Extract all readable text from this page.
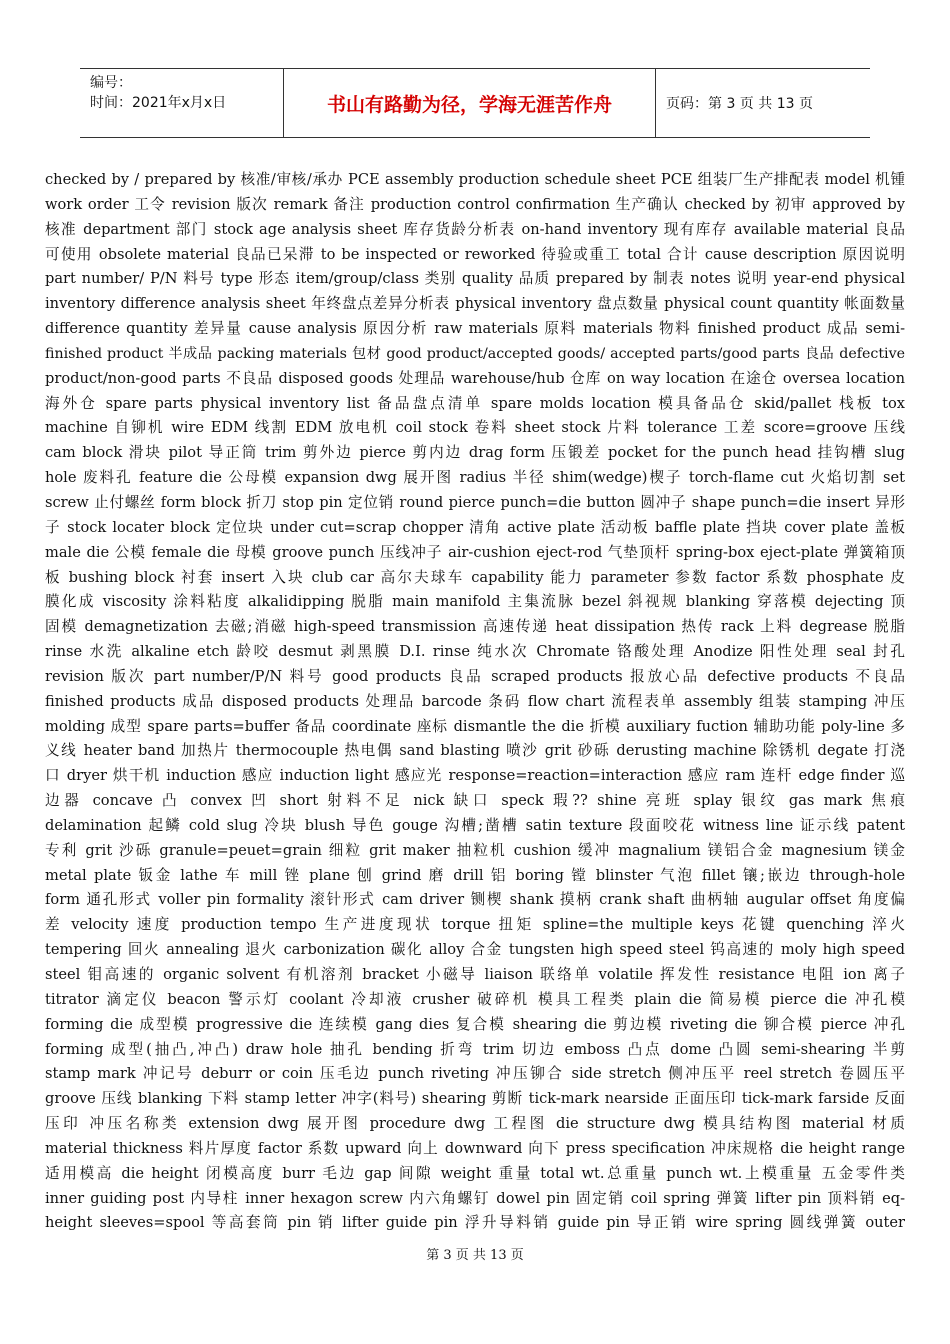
编号：
时间：2021年x月x日	书山有路勤为径，学海无涯苦作舟	页码：第 3 页 共 13 页
checked by / prepared by 核准/审核/承办 PCE assembly production schedule sheet PCE 组装厂生产排配表 model 机锺
work order 工令 revision 版次 remark 备注 production control confirmation 生产确认 checked by 初审 approved by
核准 department 部门 stock age analysis sheet 库存货龄分析表 on-hand inventory 现有库存 available material 良品
可使用 obsolete material 良品已呆滞 to be inspected or reworked 待验或重工 total 合计 cause description 原因说明
part number/ P/N 料号 type 形态 item/group/class 类别 quality 品质 prepared by 制表 notes 说明 year-end physical
inventory difference analysis sheet 年终盘点差异分析表 physical inventory 盘点数量 physical count quantity 帐面数量
difference quantity 差异量 cause analysis 原因分析 raw materials 原料 materials 物料 finished product 成品 semi-
finished product 半成品 packing materials 包材 good product/accepted goods/ accepted parts/good parts 良品 defective
product/non-good parts 不良品 disposed goods 处理品 warehouse/hub 仓库 on way location 在途仓 oversea location
海外仓 spare parts physical inventory list 备品盘点清单 spare molds location 模具备品仓 skid/pallet 栈板 tox
machine 自铆机 wire EDM 线割 EDM 放电机 coil stock 卷料 sheet stock 片料 tolerance 工差 score=groove 压线
cam block 滑块 pilot 导正筒 trim 剪外边 pierce 剪内边 drag form 压锻差 pocket for the punch head 挂钩槽 slug
hole 废料孔 feature die 公母模 expansion dwg 展开图 radius 半径 shim(wedge)楔子 torch-flame cut 火焰切割 set
screw 止付螺丝 form block 折刀 stop pin 定位销 round pierce punch=die button 圆冲子 shape punch=die insert 异形
子 stock locater block 定位块 under cut=scrap chopper 清角 active plate 活动板 baffle plate 挡块 cover plate 盖板
male die 公模 female die 母模 groove punch 压线冲子 air-cushion eject-rod 气垫顶杆 spring-box eject-plate 弹簧箱顶
板 bushing block 衬套 insert 入块 club car 高尔夫球车 capability 能力 parameter 参数 factor 系数 phosphate 皮
膜化成 viscosity 涂料粘度 alkalidipping 脱脂 main manifold 主集流脉 bezel 斜视规 blanking 穿落模 dejecting 顶
固模 demagnetization 去磁;消磁 high-speed transmission 高速传递 heat dissipation 热传 rack 上料 degrease 脱脂
rinse 水洗 alkaline etch 龄咬 desmut 剥黑膜 D.I. rinse 纯水次 Chromate 铬酸处理 Anodize 阳性处理 seal 封孔
revision 版次 part number/P/N 料号 good products 良品 scraped products 报放心品 defective products 不良品
finished products 成品 disposed products 处理品 barcode 条码 flow chart 流程表单 assembly 组装 stamping 冲压
molding 成型 spare parts=buffer 备品 coordinate 座标 dismantle the die 折模 auxiliary fuction 辅助功能 poly-line 多
义线 heater band 加热片 thermocouple 热电偶 sand blasting 喷沙 grit 砂砾 derusting machine 除锈机 degate 打浇
口 dryer 烘干机 induction 感应 induction light 感应光 response=reaction=interaction 感应 ram 连杆 edge finder 巡
边器 concave 凸 convex 凹 short 射料不足 nick 缺口 speck 瑕?? shine 亮班 splay 银纹 gas mark 焦痕
delamination 起鳞 cold slug 冷块 blush 导色 gouge 沟槽;凿槽 satin texture 段面咬花 witness line 证示线 patent
专利 grit 沙砾 granule=peuet=grain 细粒 grit maker 抽粒机 cushion 缓冲 magnalium 镁铝合金 magnesium 镁金
metal plate 钣金 lathe 车 mill 锉 plane 刨 grind 磨 drill 铝 boring 镗 blinster 气泡 fillet 镶;嵌边 through-hole
form 通孔形式 voller pin formality 滚针形式 cam driver 铡楔 shank 摸柄 crank shaft 曲柄轴 augular offset 角度偏
差 velocity 速度 production tempo 生产进度现状 torque 扭矩 spline=the multiple keys 花键 quenching 淬火
tempering 回火 annealing 退火 carbonization 碳化 alloy 合金 tungsten high speed steel 钨高速的 moly high speed
steel 钼高速的 organic solvent 有机溶剂 bracket 小磁导 liaison 联络单 volatile 挥发性 resistance 电阻 ion 离子
titrator 滴定仪 beacon 警示灯 coolant 冷却液 crusher 破碎机 模具工程类 plain die 简易模 pierce die 冲孔模
forming die 成型模 progressive die 连续模 gang dies 复合模 shearing die 剪边模 riveting die 铆合模 pierce 冲孔
forming 成型(抽凸,冲凸) draw hole 抽孔 bending 折弯 trim 切边 emboss 凸点 dome 凸圆 semi-shearing 半剪
stamp mark 冲记号 deburr or coin 压毛边 punch riveting 冲压铆合 side stretch 侧冲压平 reel stretch 卷圆压平
groove 压线 blanking 下料 stamp letter 冲字(料号) shearing 剪断 tick-mark nearside 正面压印 tick-mark farside 反面
压印 冲压名称类 extension dwg 展开图 procedure dwg 工程图 die structure dwg 模具结构图 material 材质
material thickness 料片厚度 factor 系数 upward 向上 downward 向下 press specification 冲床规格 die height range
适用模高 die height 闭模高度 burr 毛边 gap 间隙 weight 重量 total wt.总重量 punch wt.上模重量 五金零件类
inner guiding post 内导柱 inner hexagon screw 内六角螺钉 dowel pin 固定销 coil spring 弹簧 lifter pin 顶料销 eq-
height sleeves=spool 等高套筒 pin 销 lifter guide pin 浮升导料销 guide pin 导正销 wire spring 圆线弹簧 outer
第 3 页 共 13 页
